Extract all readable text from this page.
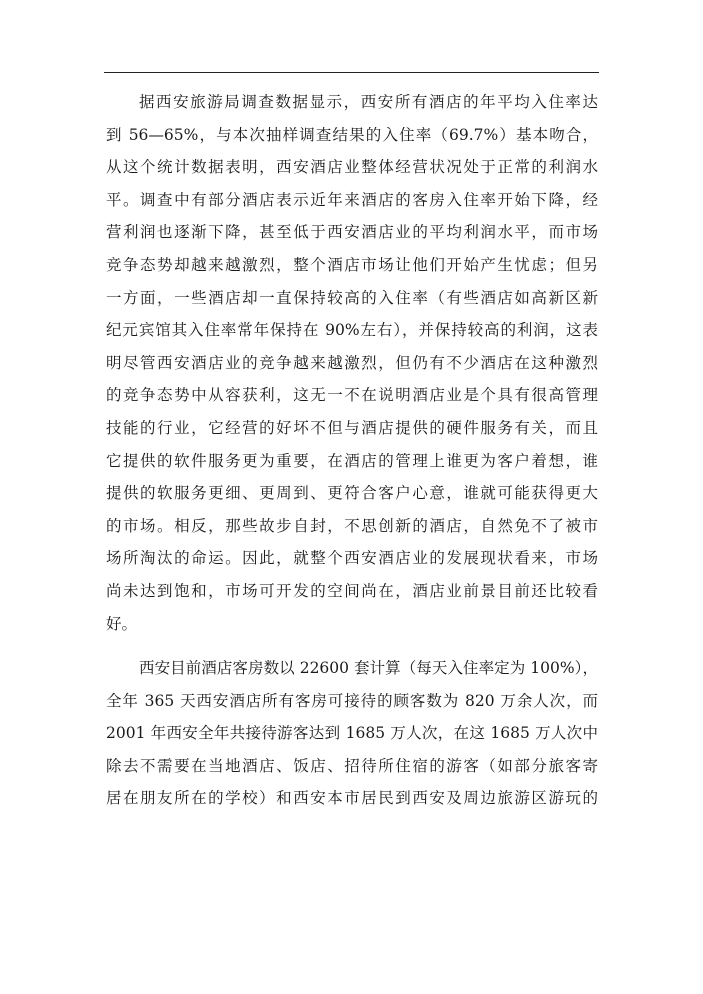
据西安旅游局调查数据显示，西安所有酒店的年平均入住率达
到 56—65%，与本次抽样调查结果的入住率（69.7%）基本吻合，
从这个统计数据表明，西安酒店业整体经营状况处于正常的利润水
平。调查中有部分酒店表示近年来酒店的客房入住率开始下降，经
营利润也逐渐下降，甚至低于西安酒店业的平均利润水平，而市场
竞争态势却越来越激烈，整个酒店市场让他们开始产生忧虑；但另
一方面，一些酒店却一直保持较高的入住率（有些酒店如高新区新
纪元宾馆其入住率常年保持在 90%左右），并保持较高的利润，这表
明尽管西安酒店业的竞争越来越激烈，但仍有不少酒店在这种激烈
的竞争态势中从容获利，这无一不在说明酒店业是个具有很高管理
技能的行业，它经营的好坏不但与酒店提供的硬件服务有关，而且
它提供的软件服务更为重要，在酒店的管理上谁更为客户着想，谁
提供的软服务更细、更周到、更符合客户心意，谁就可能获得更大
的市场。相反，那些故步自封，不思创新的酒店，自然免不了被市
场所淘汰的命运。因此，就整个西安酒店业的发展现状看来，市场
尚未达到饱和，市场可开发的空间尚在，酒店业前景目前还比较看
好。
西安目前酒店客房数以 22600 套计算（每天入住率定为 100%），
全年 365 天西安酒店所有客房可接待的顾客数为 820 万余人次，而
2001 年西安全年共接待游客达到 1685 万人次，在这 1685 万人次中
除去不需要在当地酒店、饭店、招待所住宿的游客（如部分旅客寄
居在朋友所在的学校）和西安本市居民到西安及周边旅游区游玩的
